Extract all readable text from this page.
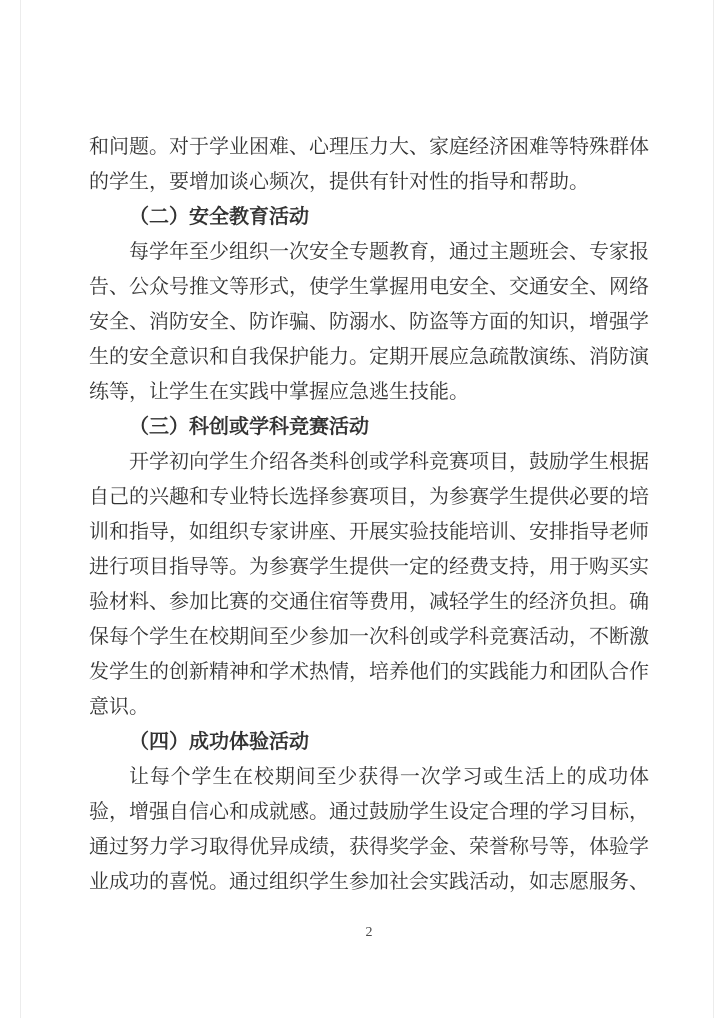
和问题。对于学业困难、心理压力大、家庭经济困难等特殊群体
的学生，要增加谈心频次，提供有针对性的指导和帮助。
（二）安全教育活动
每学年至少组织一次安全专题教育，通过主题班会、专家报
告、公众号推文等形式，使学生掌握用电安全、交通安全、网络
安全、消防安全、防诈骗、防溺水、防盗等方面的知识，增强学
生的安全意识和自我保护能力。定期开展应急疏散演练、消防演
练等，让学生在实践中掌握应急逃生技能。
（三）科创或学科竞赛活动
开学初向学生介绍各类科创或学科竞赛项目，鼓励学生根据
自己的兴趣和专业特长选择参赛项目，为参赛学生提供必要的培
训和指导，如组织专家讲座、开展实验技能培训、安排指导老师
进行项目指导等。为参赛学生提供一定的经费支持，用于购买实
验材料、参加比赛的交通住宿等费用，减轻学生的经济负担。确
保每个学生在校期间至少参加一次科创或学科竞赛活动，不断激
发学生的创新精神和学术热情，培养他们的实践能力和团队合作
意识。
（四）成功体验活动
让每个学生在校期间至少获得一次学习或生活上的成功体
验，增强自信心和成就感。通过鼓励学生设定合理的学习目标，
通过努力学习取得优异成绩，获得奖学金、荣誉称号等，体验学
业成功的喜悦。通过组织学生参加社会实践活动，如志愿服务、
2
